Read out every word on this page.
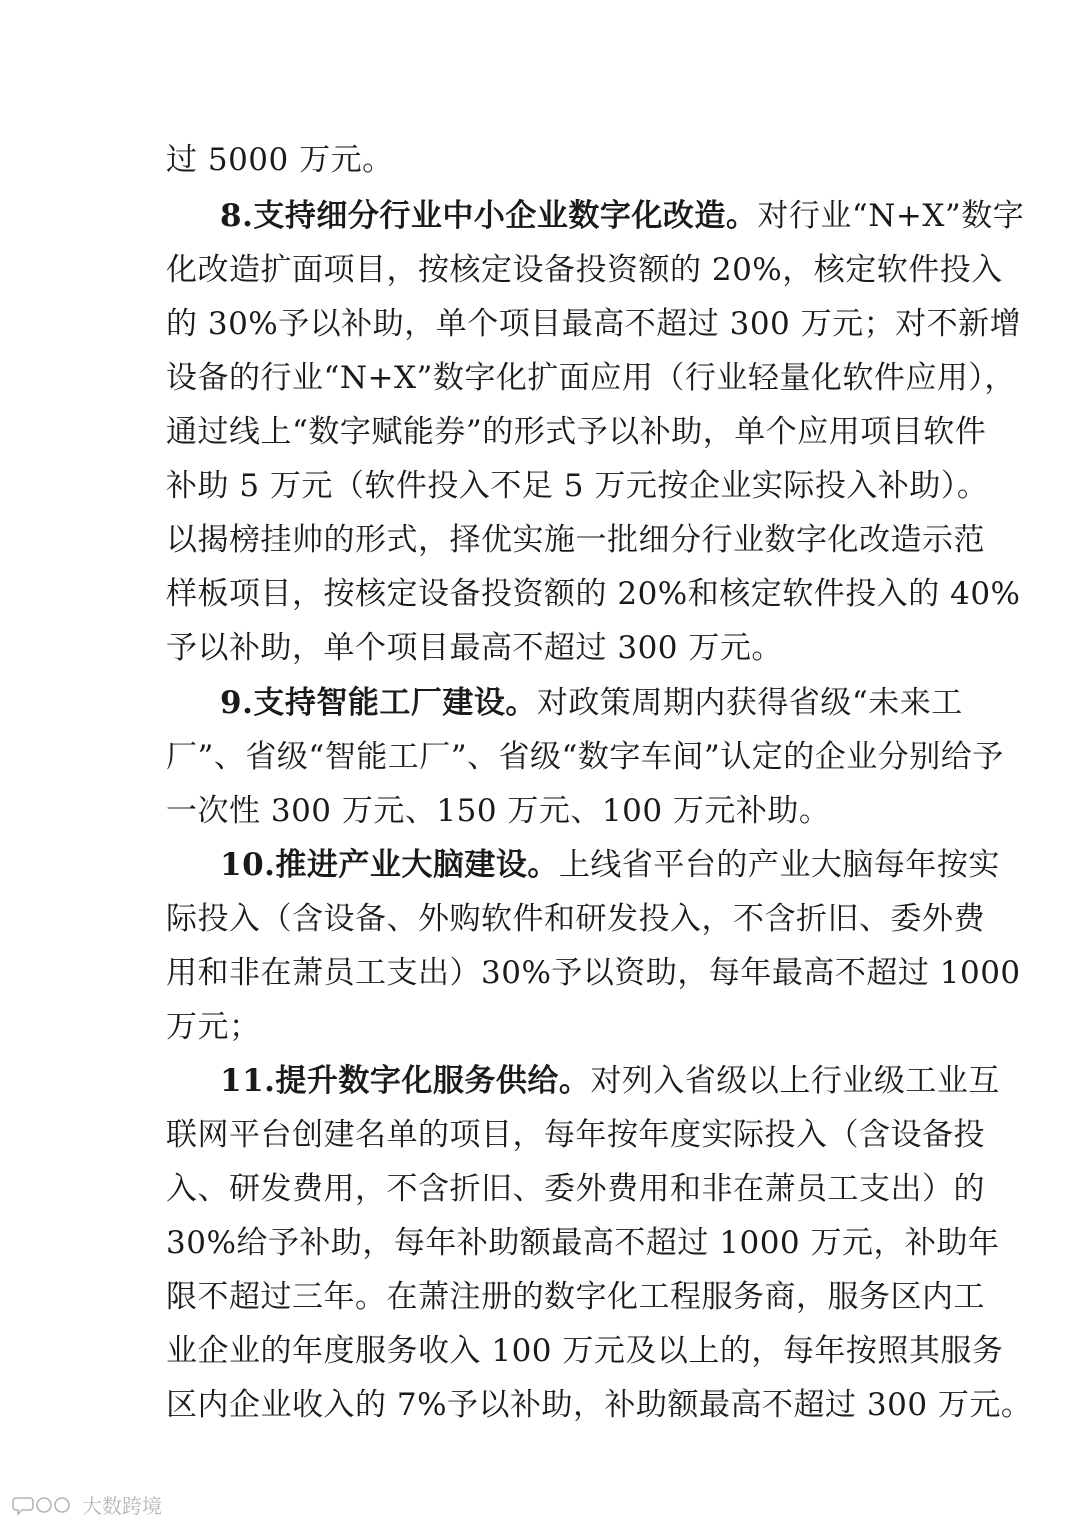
过 5000 万元。
8.支持细分行业中小企业数字化改造。对行业“N+X”数字
化改造扩面项目，按核定设备投资额的 20%，核定软件投入
的 30%予以补助，单个项目最高不超过 300 万元；对不新增
设备的行业“N+X”数字化扩面应用（行业轻量化软件应用），
通过线上“数字赋能券”的形式予以补助，单个应用项目软件
补助 5 万元（软件投入不足 5 万元按企业实际投入补助）。
以揭榜挂帅的形式，择优实施一批细分行业数字化改造示范
样板项目，按核定设备投资额的 20%和核定软件投入的 40%
予以补助，单个项目最高不超过 300 万元。
9.支持智能工厂建设。对政策周期内获得省级“未来工
厂”、省级“智能工厂”、省级“数字车间”认定的企业分别给予
一次性 300 万元、150 万元、100 万元补助。
10.推进产业大脑建设。上线省平台的产业大脑每年按实
际投入（含设备、外购软件和研发投入，不含折旧、委外费
用和非在萧员工支出）30%予以资助，每年最高不超过 1000
万元；
11.提升数字化服务供给。对列入省级以上行业级工业互
联网平台创建名单的项目，每年按年度实际投入（含设备投
入、研发费用，不含折旧、委外费用和非在萧员工支出）的
30%给予补助，每年补助额最高不超过 1000 万元，补助年
限不超过三年。在萧注册的数字化工程服务商，服务区内工
业企业的年度服务收入 100 万元及以上的，每年按照其服务
区内企业收入的 7%予以补助，补助额最高不超过 300 万元。
大数跨境
